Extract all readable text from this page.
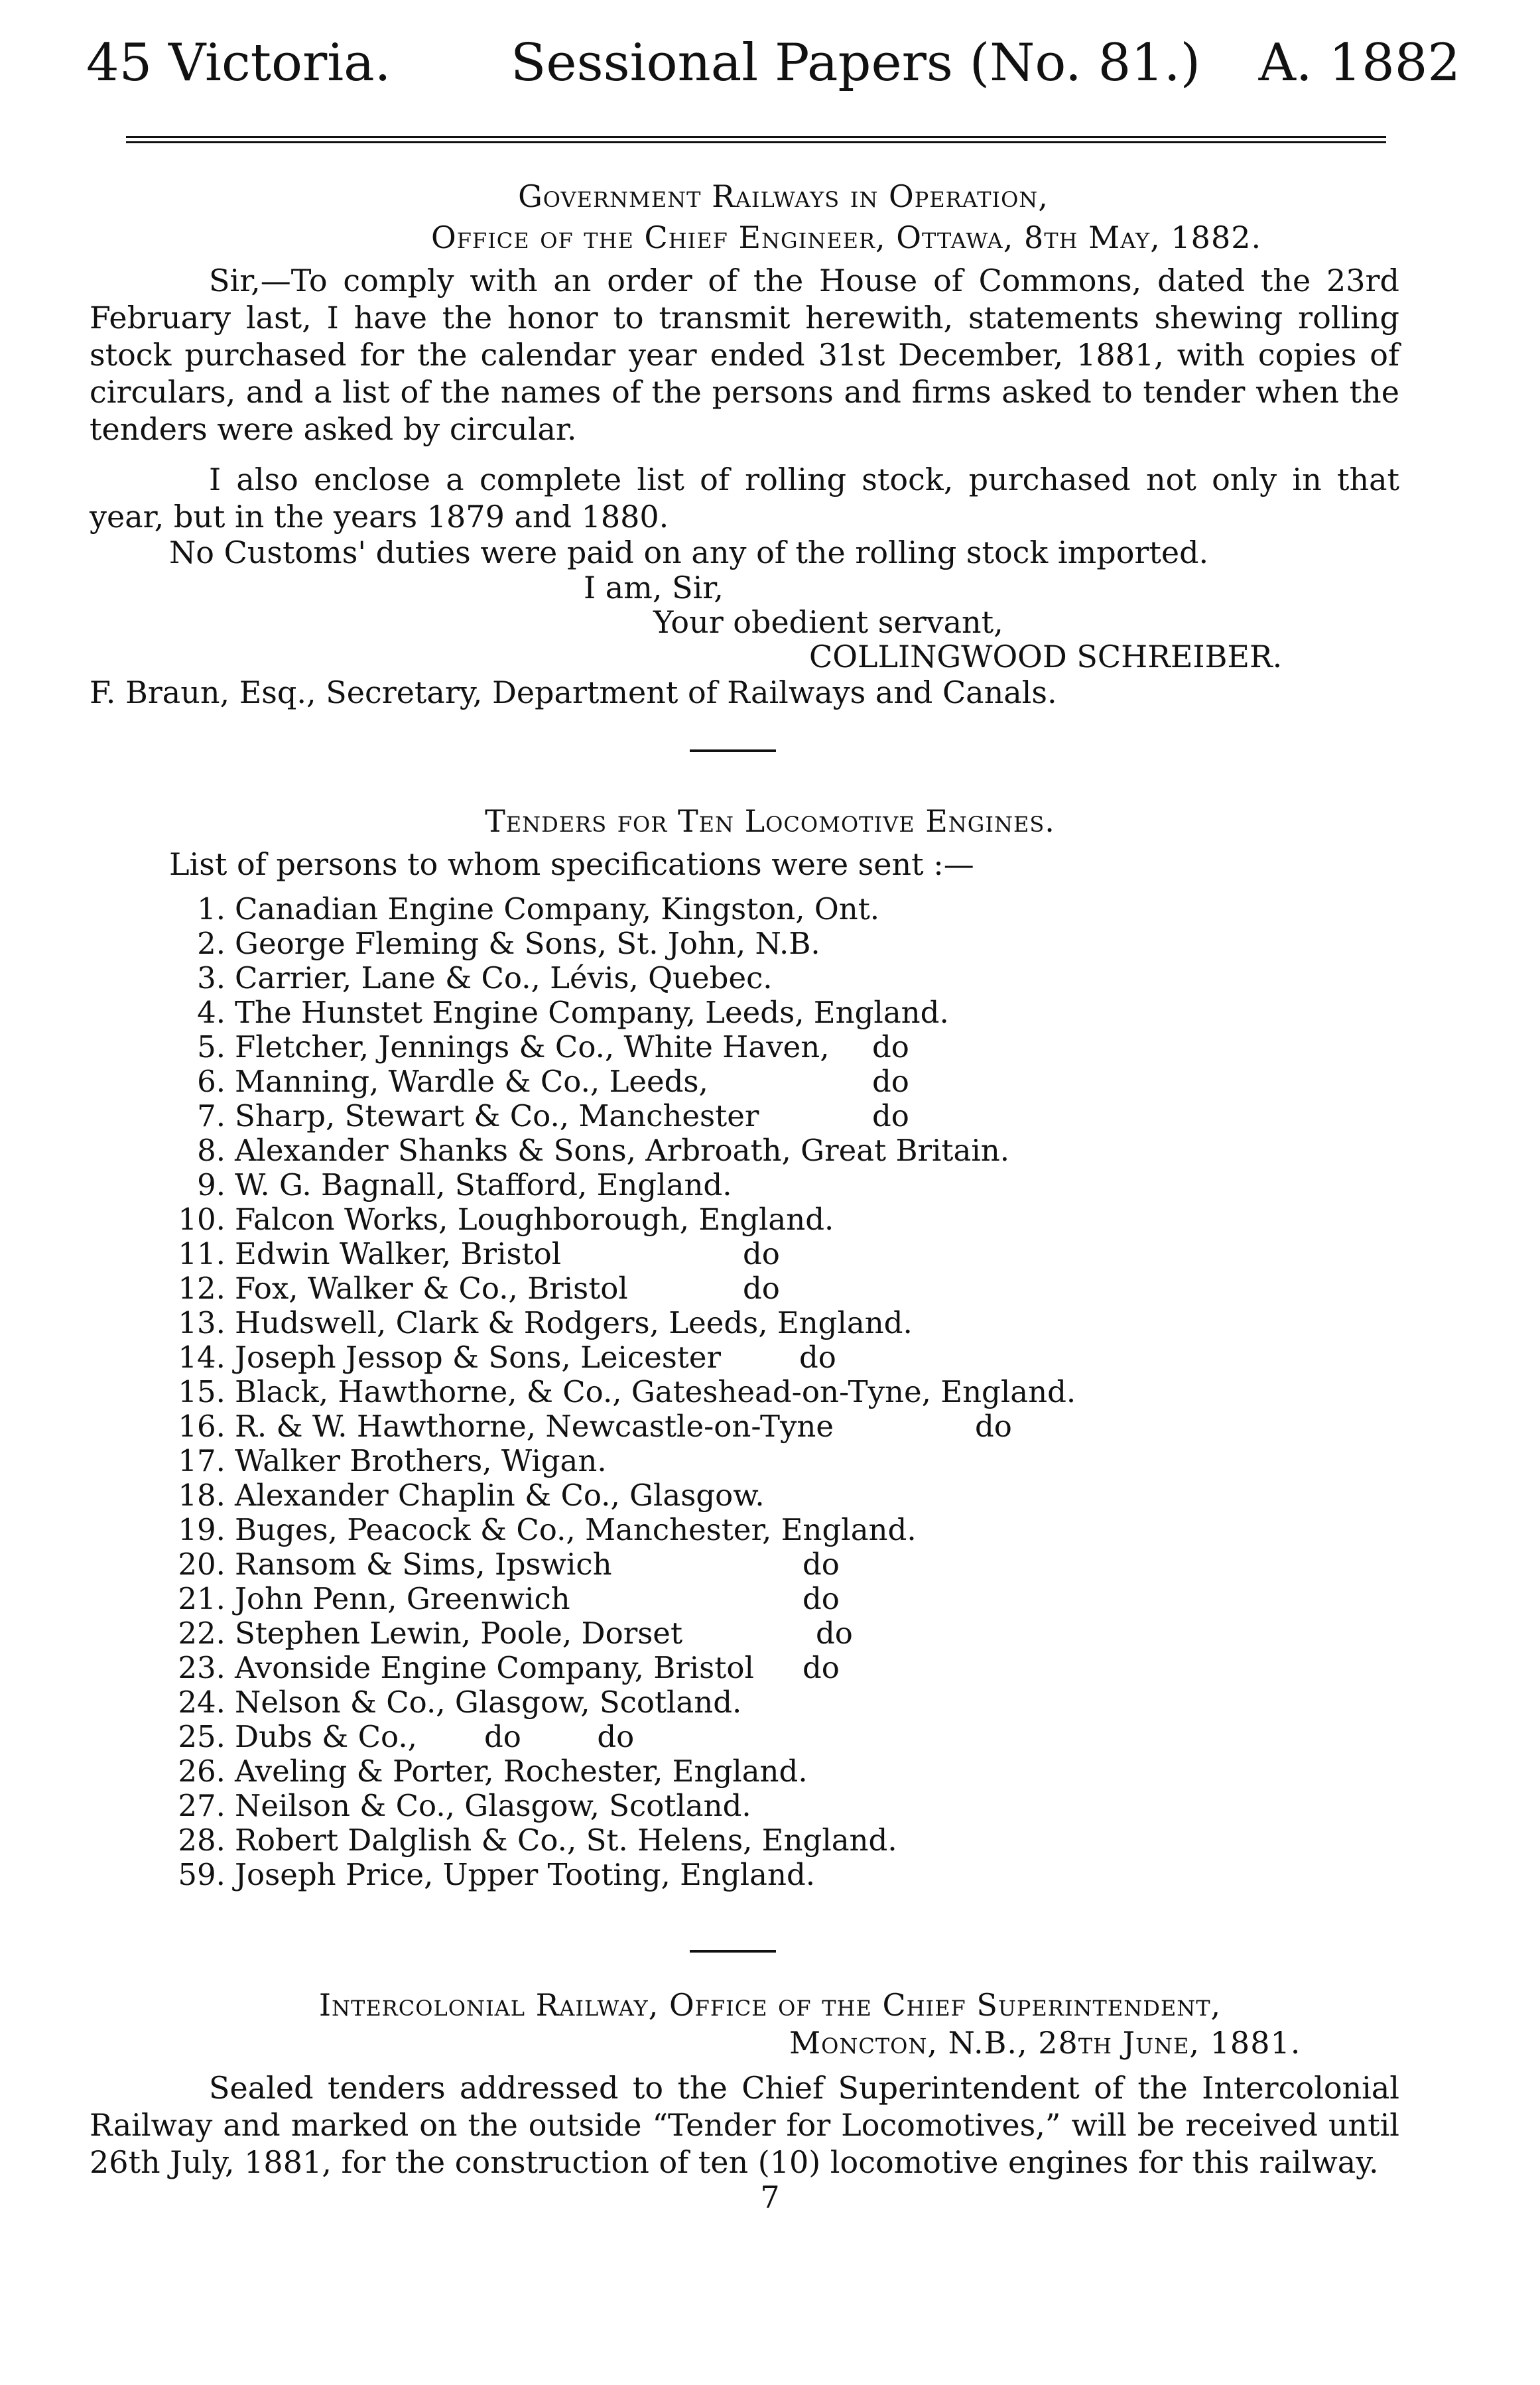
45 Victoria. Sessional Papers (No. 81.) A. 1882
Government Railways in Operation,
Office of the Chief Engineer, Ottawa, 8th May, 1882.

Sir,—To comply with an order of the House of Commons, dated the 23rd February last, I have the honor to transmit herewith, statements shewing rolling stock purchased for the calendar year ended 31st December, 1881, with copies of circulars, and a list of the names of the persons and firms asked to tender when the tenders were asked by circular.

I also enclose a complete list of rolling stock, purchased not only in that year, but in the years 1879 and 1880.

No Customs' duties were paid on any of the rolling stock imported.

I am, Sir,
Your obedient servant,
COLLINGWOOD SCHREIBER.
F. Braun, Esq., Secretary, Department of Railways and Canals.
Tenders for Ten Locomotive Engines.
List of persons to whom specifications were sent :—
1. Canadian Engine Company, Kingston, Ont.
2. George Fleming & Sons, St. John, N.B.
3. Carrier, Lane & Co., Lévis, Quebec.
4. The Hunstet Engine Company, Leeds, England.
5. Fletcher, Jennings & Co., White Haven, do
6. Manning, Wardle & Co., Leeds,	do
7. Sharp, Stewart & Co., Manchester	do
8. Alexander Shanks & Sons, Arbroath, Great Britain.
9. W. G. Bagnall, Stafford, England.
10. Falcon Works, Loughborough, England.
11. Edwin Walker, Bristol	do
12. Fox, Walker & Co., Bristol	do
13. Hudswell, Clark & Rodgers, Leeds, England.
14. Joseph Jessop & Sons, Leicester	do
15. Black, Hawthorne, & Co., Gateshead-on-Tyne, England.
16. R. & W. Hawthorne, Newcastle-on-Tyne	do
17. Walker Brothers, Wigan.
18. Alexander Chaplin & Co., Glasgow.
19. Buges, Peacock & Co., Manchester, England.
20. Ransom & Sims, Ipswich	do
21. John Penn, Greenwich	do
22. Stephen Lewin, Poole, Dorset	do
23. Avonside Engine Company, Bristol do
24. Nelson & Co., Glasgow, Scotland.
25. Dubs & Co., do        do
26. Aveling & Porter, Rochester, England.
27. Neilson & Co., Glasgow, Scotland.
28. Robert Dalglish & Co., St. Helens, England.
59. Joseph Price, Upper Tooting, England.
Intercolonial Railway, Office of the Chief Superintendent,
Moncton, N.B., 28th June, 1881.

Sealed tenders addressed to the Chief Superintendent of the Intercolonial Railway and marked on the outside “Tender for Locomotives,” will be received until 26th July, 1881, for the construction of ten (10) locomotive engines for this railway.

7
